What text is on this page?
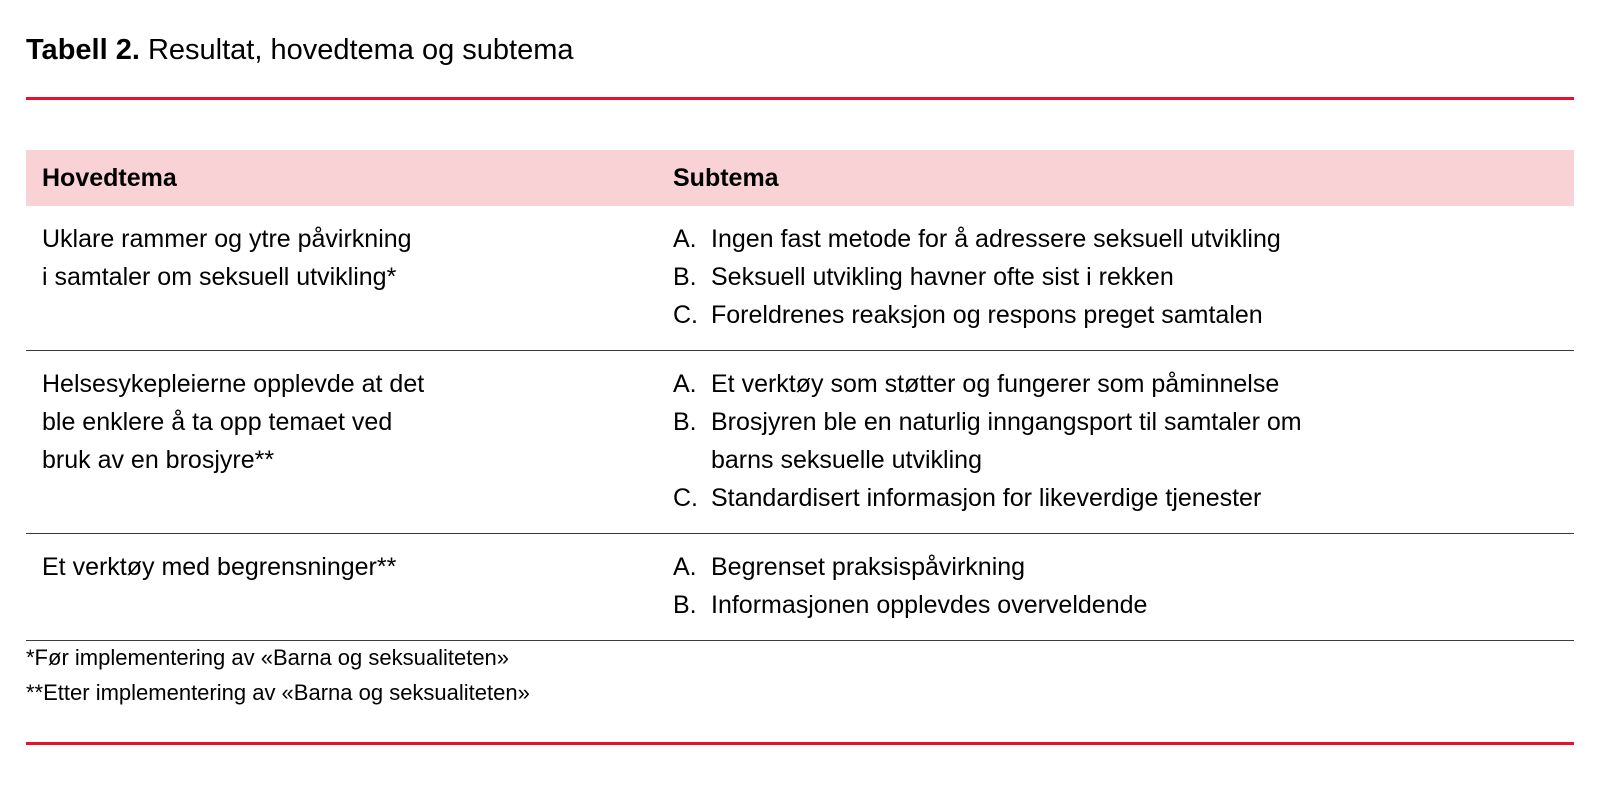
Tabell 2. Resultat, hovedtema og subtema
Hovedtema	Subtema
Uklare rammer og ytre påvirkning
i samtaler om seksuell utvikling*
A. Ingen fast metode for å adressere seksuell utvikling
B. Seksuell utvikling havner ofte sist i rekken
C. Foreldrenes reaksjon og respons preget samtalen
Helsesykepleierne opplevde at det
ble enklere å ta opp temaet ved
bruk av en brosjyre**
A. Et verktøy som støtter og fungerer som påminnelse
B. Brosjyren ble en naturlig inngangsport til samtaler om
barns seksuelle utvikling
C. Standardisert informasjon for likeverdige tjenester
Et verktøy med begrensninger**	A. Begrenset praksispåvirkning
B. Informasjonen opplevdes overveldende
*Før implementering av «Barna og seksualiteten»
**Etter implementering av «Barna og seksualiteten»
